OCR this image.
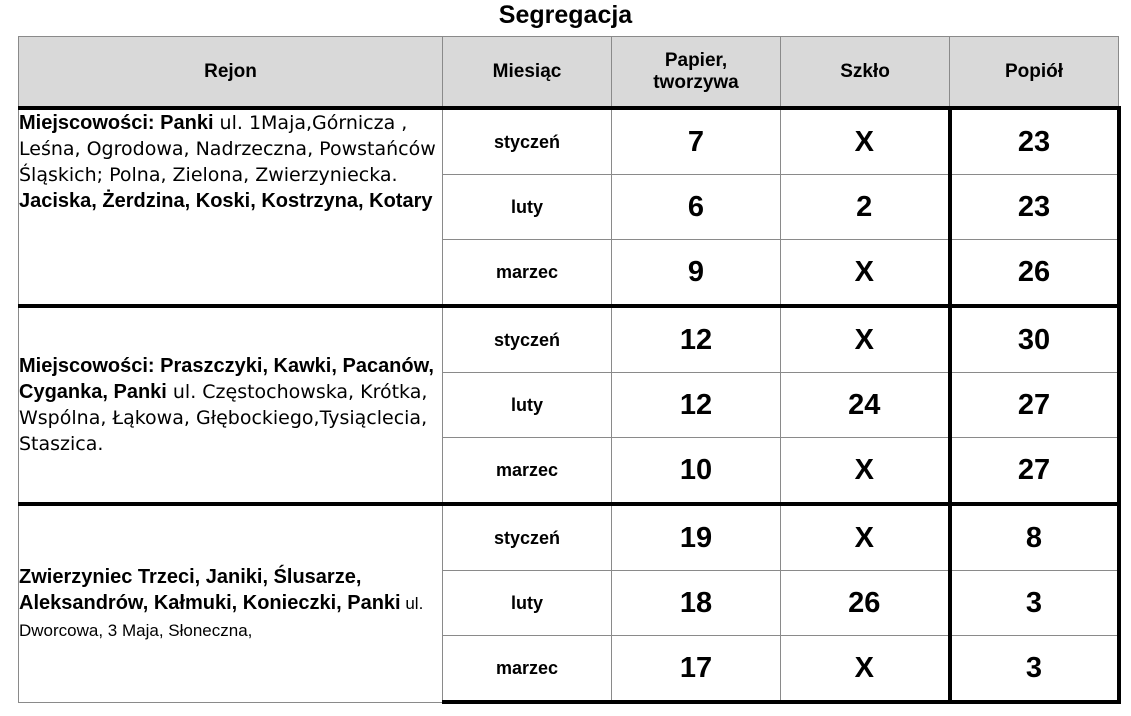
Segregacja
Rejon	Miesiąc	Papier,
tworzywa	Szkło	Popiół
Miejscowości: Panki ul. 1Maja,Górnicza , Leśna, Ogrodowa, Nadrzeczna, Powstańców Śląskich; Polna, Zielona, Zwierzyniecka. Jaciska, Żerdzina, Koski, Kostrzyna, Kotary	styczeń	7	X	23
	luty	6	2	23
	marzec	9	X	26
Miejscowości: Praszczyki, Kawki, Pacanów, Cyganka, Panki ul. Częstochowska, Krótka, Wspólna, Łąkowa, Głębockiego,Tysiąclecia, Staszica.	styczeń	12	X	30
	luty	12	24	27
	marzec	10	X	27
Zwierzyniec Trzeci, Janiki, Ślusarze, Aleksandrów, Kałmuki, Konieczki, Panki ul. Dworcowa, 3 Maja, Słoneczna,	styczeń	19	X	8
	luty	18	26	3
	marzec	17	X	3
